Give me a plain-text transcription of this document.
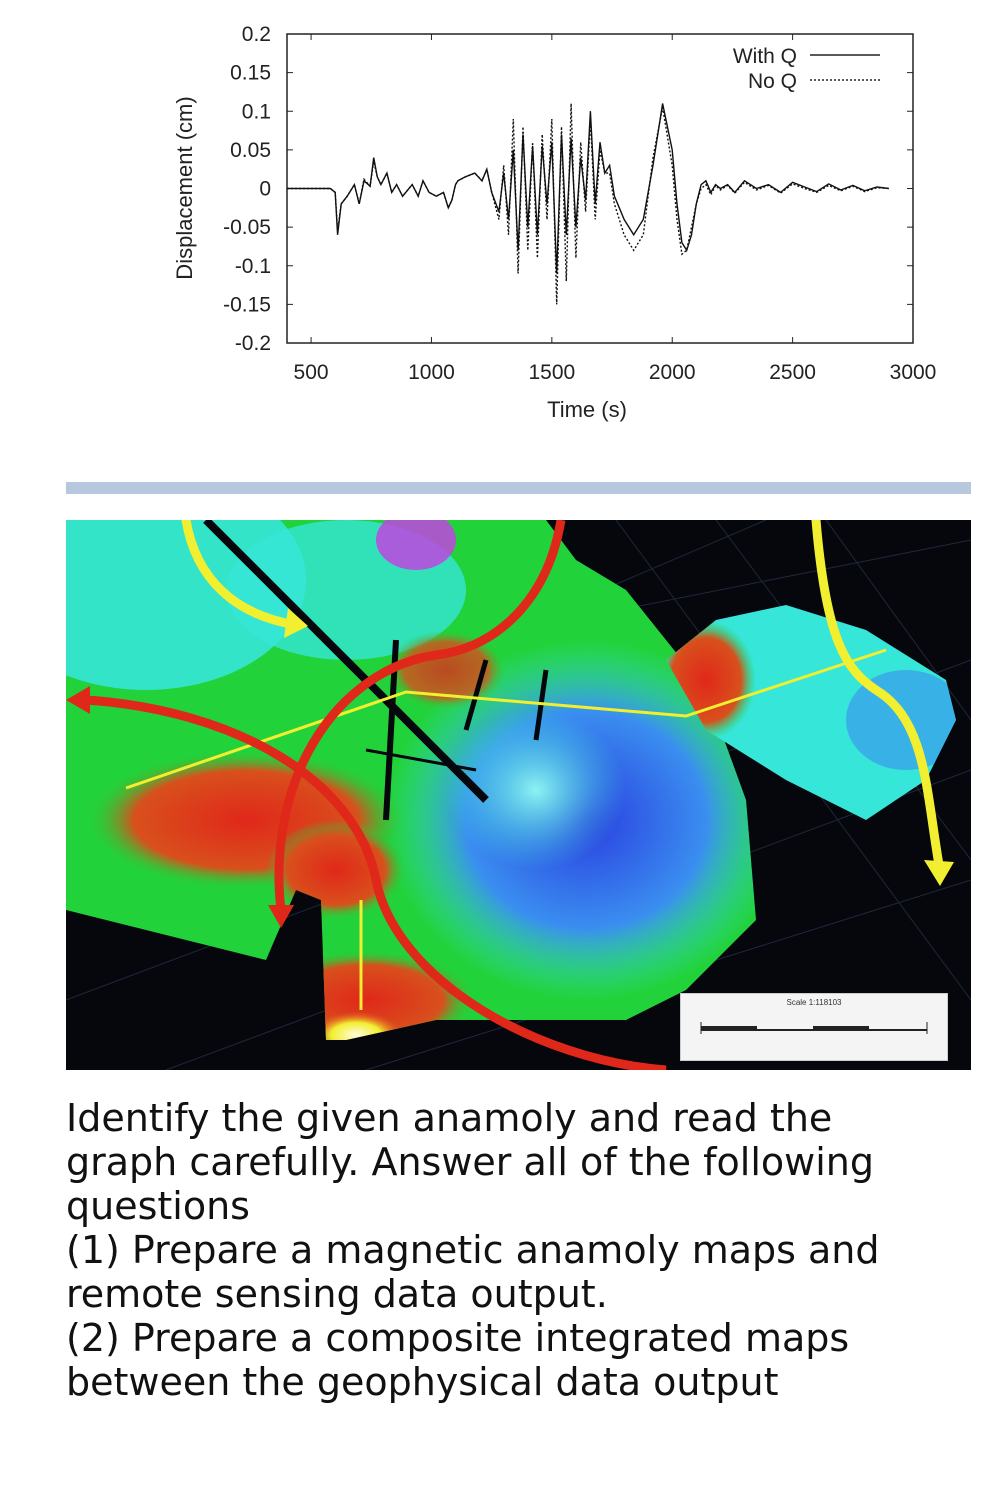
0.2
0.15
0.1
0.05
0
-0.05
-0.1
-0.15
-0.2
500	1000	1500	2000	2500	3000
Time (s)
Displacement (cm)
With Q
No Q
Scale 1:118103

Identify the given anamoly and read the graph carefully. Answer all of the following questions

(1) Prepare a magnetic anamoly maps and remote sensing data output.

(2) Prepare a composite integrated maps between the geophysical data output
